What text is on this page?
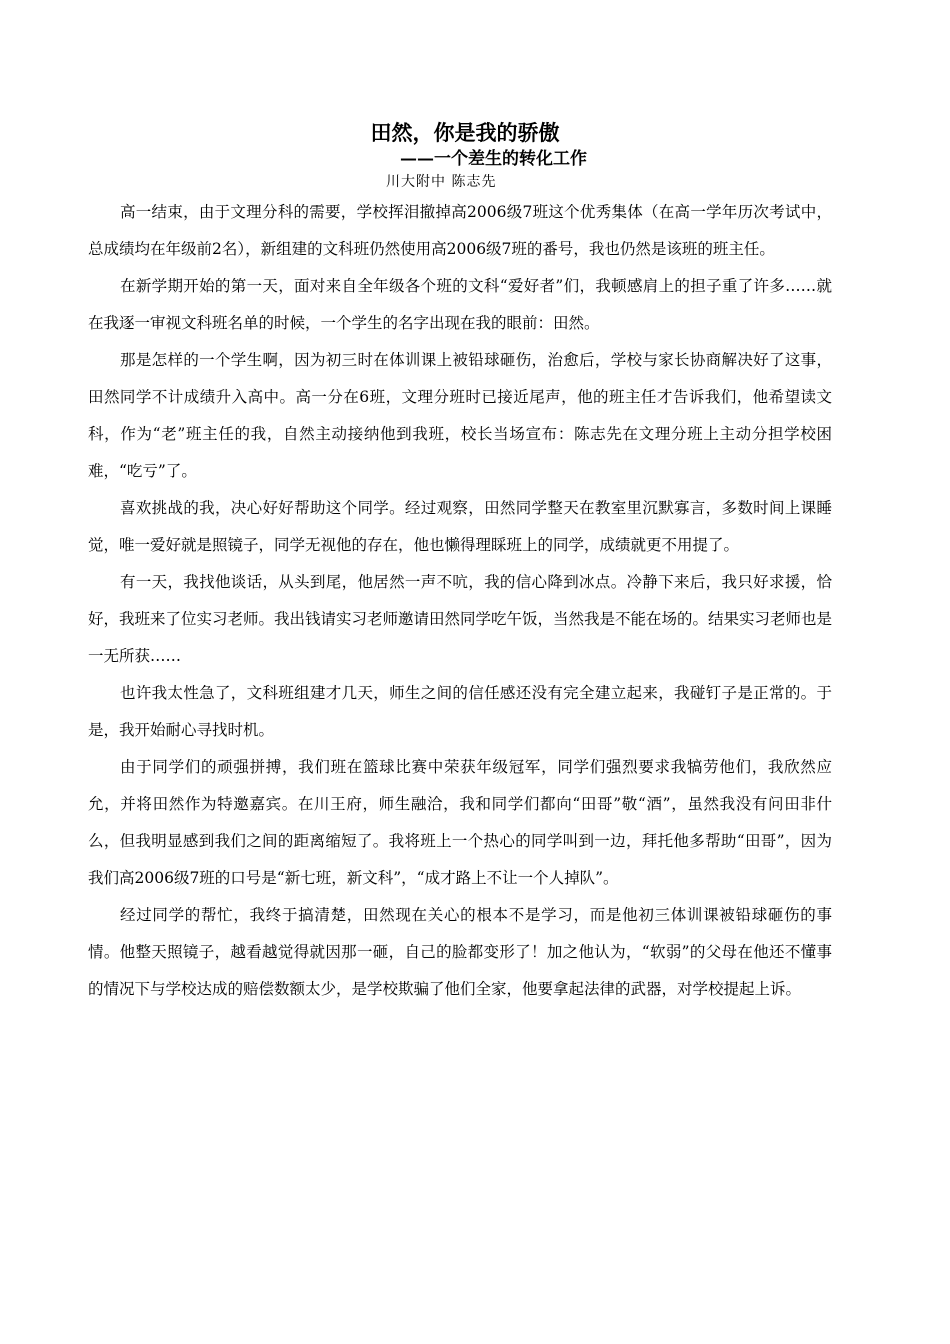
田然，你是我的骄傲
——一个差生的转化工作
川大附中 陈志先

高一结束，由于文理分科的需要，学校挥泪撤掉高2006级7班这个优秀集体（在高一学年历次考试中，总成绩均在年级前2名），新组建的文科班仍然使用高2006级7班的番号，我也仍然是该班的班主任。

在新学期开始的第一天，面对来自全年级各个班的文科“爱好者”们，我顿感肩上的担子重了许多……就在我逐一审视文科班名单的时候，一个学生的名字出现在我的眼前：田然。

那是怎样的一个学生啊，因为初三时在体训课上被铅球砸伤，治愈后，学校与家长协商解决好了这事，田然同学不计成绩升入高中。高一分在6班，文理分班时已接近尾声，他的班主任才告诉我们，他希望读文科，作为“老”班主任的我，自然主动接纳他到我班，校长当场宣布：陈志先在文理分班上主动分担学校困难，“吃亏”了。

喜欢挑战的我，决心好好帮助这个同学。经过观察，田然同学整天在教室里沉默寡言，多数时间上课睡觉，唯一爱好就是照镜子，同学无视他的存在，他也懒得理睬班上的同学，成绩就更不用提了。

有一天，我找他谈话，从头到尾，他居然一声不吭，我的信心降到冰点。冷静下来后，我只好求援，恰好，我班来了位实习老师。我出钱请实习老师邀请田然同学吃午饭，当然我是不能在场的。结果实习老师也是一无所获……

也许我太性急了，文科班组建才几天，师生之间的信任感还没有完全建立起来，我碰钉子是正常的。于是，我开始耐心寻找时机。

由于同学们的顽强拼搏，我们班在篮球比赛中荣获年级冠军，同学们强烈要求我犒劳他们，我欣然应允，并将田然作为特邀嘉宾。在川王府，师生融洽，我和同学们都向“田哥”敬“酒”，虽然我没有问田非什么，但我明显感到我们之间的距离缩短了。我将班上一个热心的同学叫到一边，拜托他多帮助“田哥”，因为我们高2006级7班的口号是“新七班，新文科”，“成才路上不让一个人掉队”。

经过同学的帮忙，我终于搞清楚，田然现在关心的根本不是学习，而是他初三体训课被铅球砸伤的事情。他整天照镜子，越看越觉得就因那一砸，自己的脸都变形了！加之他认为，“软弱”的父母在他还不懂事的情况下与学校达成的赔偿数额太少，是学校欺骗了他们全家，他要拿起法律的武器，对学校提起上诉。
